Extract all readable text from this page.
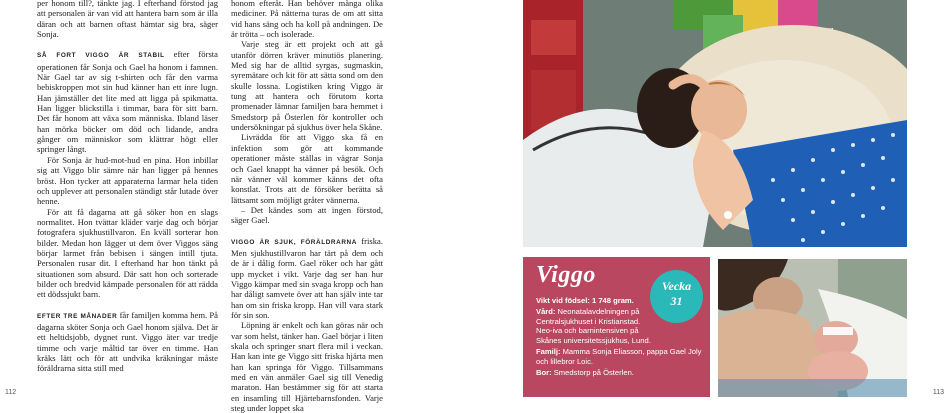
per honom till?, tänkte jag. I efterhand förstod jag att personalen är van vid att hantera barn som är illa däran och att barnen oftast hämtar sig bra, säger Sonja.

SÅ FORT VIGGO ÄR STABIL efter första operationen får Sonja och Gael ha honom i famnen. När Gael tar av sig t-shirten och får den varma bebiskroppen mot sin hud känner han ett inre lugn. Han jämställer det lite med att ligga på spikmatta. Han ligger blickstilla i timmar, bara för sitt barn. Det får honom att växa som människa. Ibland läser han mörka böcker om död och lidande, andra gånger om människor som klättrar högt eller springer långt.

För Sonja är hud-mot-hud en pina. Hon inbillar sig att Viggo blir sämre när han ligger på hennes bröst. Hon tycker att apparaterna larmar hela tiden och upplever att personalen ständigt står lutade över henne.

För att få dagarna att gå söker hon en slags normalitet. Hon tvättar kläder varje dag och börjar fotografera sjukhustillvaron. En kväll sorterar hon bilder. Medan hon lägger ut dem över Viggos säng börjar larmet från bebisen i sängen intill tjuta. Personalen rusar dit. I efterhand har hon tänkt på situationen som absurd. Där satt hon och sorterade bilder och bredvid kämpade personalen för att rädda ett dödssjukt barn.

EFTER TRE MÅNADER får familjen komma hem. På dagarna sköter Sonja och Gael honom själva. Det är ett heltidsjobb, dygnet runt. Viggo äter var tredje timme och varje måltid tar över en timme. Han kräks lätt och för att undvika kräkningar måste föräldrarna sitta still med

honom efteråt. Han behöver många olika mediciner. På nätterna turas de om att sitta vid hans säng och ha koll på andningen. De är trötta – och isolerade.

Varje steg är ett projekt och att gå utanför dörren kräver minutiös planering. Med sig har de alltid syrgas, sugmaskin, syremätare och kit för att sätta sond om den skulle lossna. Logistiken kring Viggo är tung att hantera och förutom korta promenader lämnar familjen bara hemmet i Smedstorp på Österlen för kontroller och undersökningar på sjukhus över hela Skåne.

Livrädda för att Viggo ska få en infektion som gör att kommande operationer måste ställas in vägrar Sonja och Gael knappt ha vänner på besök. Och när vänner väl kommer känns det ofta konstlat. Trots att de försöker berätta så lättsamt som möjligt gråter vännerna.

– Det kändes som att ingen förstod, säger Gael.

VIGGO ÄR SJUK, FÖRÄLDRARNA friska. Men sjukhustillvaron har tärt på dem och de är i dålig form. Gael röker och har gått upp mycket i vikt. Varje dag ser han hur Viggo kämpar med sin svaga kropp och han har dåligt samvete över att han själv inte tar han om sin friska kropp. Han vill vara stark för sin son.

Löpning är enkelt och kan göras när och var som helst, tänker han. Gael börjar i liten skala och springer snart flera mil i veckan. Han kan inte ge Viggo sitt friska hjärta men han kan springa för Viggo. Tillsammans med en vän anmäler Gael sig till Venedig maraton. Han bestämmer sig för att starta en insamling till Hjärtebarnsfonden. Varje steg under loppet ska

Viggo	Vecka
31
Vikt vid födsel: 1 748 gram.
Vård: Neonatalavdelningen på Centralsjukhuset i Kristianstad. Neo-iva och barnintensiven på Skånes universitetssjukhus, Lund.
Familj: Mamma Sonja Eliasson, pappa Gael Joly och lillebror Loic.
Bor: Smedstorp på Österlen.
112	113
